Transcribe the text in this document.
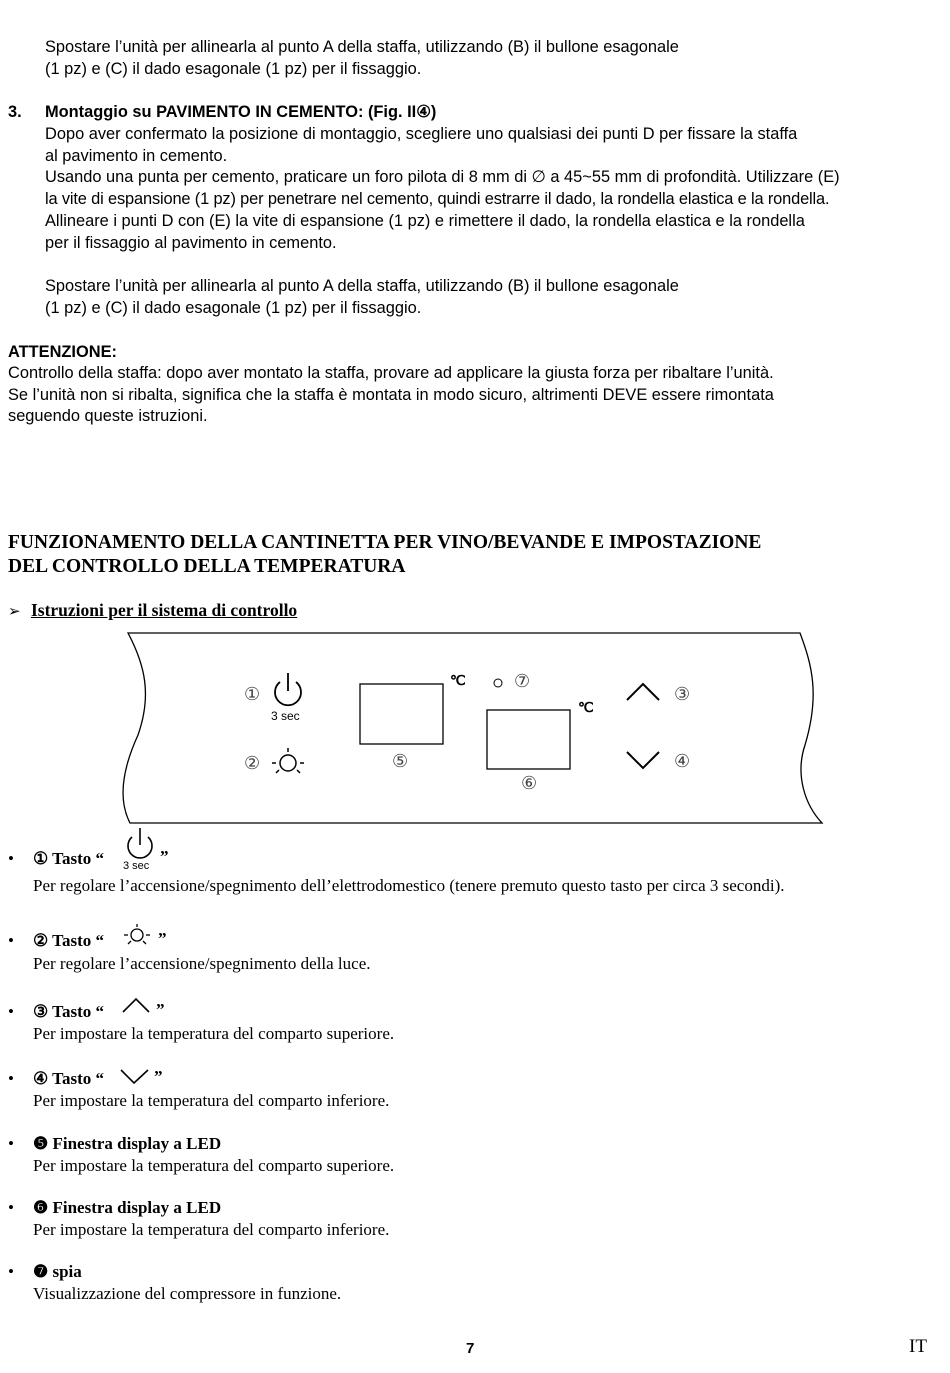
Spostare l’unità per allinearla al punto A della staffa, utilizzando (B) il bullone esagonale
(1 pz) e (C) il dado esagonale (1 pz) per il fissaggio.
3. Montaggio su PAVIMENTO IN CEMENTO: (Fig. II④)
Dopo aver confermato la posizione di montaggio, scegliere uno qualsiasi dei punti D per fissare la staffa
al pavimento in cemento.
Usando una punta per cemento, praticare un foro pilota di 8 mm di ∅ a 45~55 mm di profondità. Utilizzare (E)
la vite di espansione (1 pz) per penetrare nel cemento, quindi estrarre il dado, la rondella elastica e la rondella.
Allineare i punti D con (E) la vite di espansione (1 pz) e rimettere il dado, la rondella elastica e la rondella
per il fissaggio al pavimento in cemento.
Spostare l’unità per allinearla al punto A della staffa, utilizzando (B) il bullone esagonale
(1 pz) e (C) il dado esagonale (1 pz) per il fissaggio.
ATTENZIONE:
Controllo della staffa: dopo aver montato la staffa, provare ad applicare la giusta forza per ribaltare l’unità.
Se l’unità non si ribalta, significa che la staffa è montata in modo sicuro, altrimenti DEVE essere rimontata
seguendo queste istruzioni.
FUNZIONAMENTO DELLA CANTINETTA PER VINO/BEVANDE E IMPOSTAZIONE
DEL CONTROLLO DELLA TEMPERATURA
➢ Istruzioni per il sistema di controllo
①
3 sec
②	⑤
℃	⑦
℃
⑥
③
④
• ① Tasto “ 3 sec ”
Per regolare l’accensione/spegnimento dell’elettrodomestico (tenere premuto questo tasto per circa 3 secondi).
• ② Tasto “	”
Per regolare l’accensione/spegnimento della luce.
• ③ Tasto “	”
Per impostare la temperatura del comparto superiore.
• ④ Tasto “	”
Per impostare la temperatura del comparto inferiore.
• ❺ Finestra display a LED
Per impostare la temperatura del comparto superiore.
• ❻ Finestra display a LED
Per impostare la temperatura del comparto inferiore.
• ❼ spia
Visualizzazione del compressore in funzione.
7	IT
